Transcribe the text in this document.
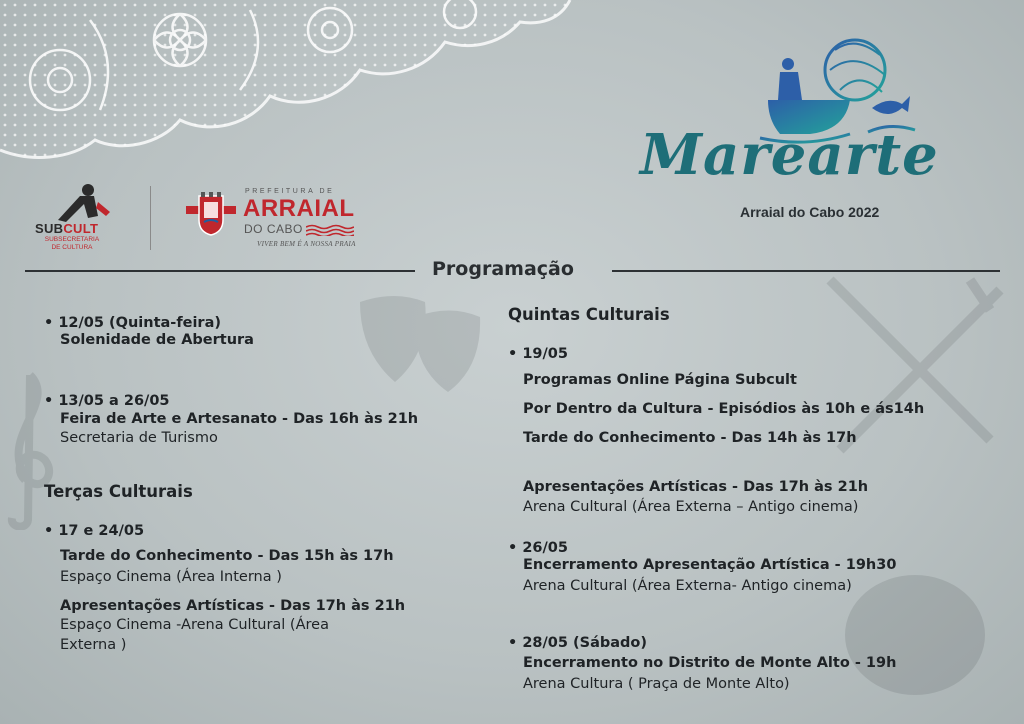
SUBCULT
SUBSECRETARIA
DE CULTURA
PREFEITURA DE
ARRAIAL
DO CABO
VIVER BEM É A NOSSA PRAIA
Marearte
Arraial do Cabo 2022
Programação
• 12/05 (Quinta-feira)
Solenidade de Abertura
• 13/05 a 26/05
Feira de Arte e Artesanato - Das 16h às 21h
Secretaria de Turismo
Terças Culturais
• 17 e 24/05
Tarde do Conhecimento - Das 15h às 17h
Espaço Cinema (Área Interna )
Apresentações Artísticas - Das 17h às 21h
Espaço Cinema -Arena Cultural (Área
Externa )
Quintas Culturais
• 19/05
Programas Online Página Subcult
Por Dentro da Cultura - Episódios às 10h e ás14h
Tarde do Conhecimento - Das 14h às 17h
Apresentações Artísticas - Das 17h às 21h
Arena Cultural (Área Externa – Antigo cinema)
• 26/05
Encerramento Apresentação Artística - 19h30
Arena Cultural (Área Externa- Antigo cinema)
• 28/05 (Sábado)
Encerramento no Distrito de Monte Alto - 19h
Arena Cultura ( Praça de Monte Alto)
